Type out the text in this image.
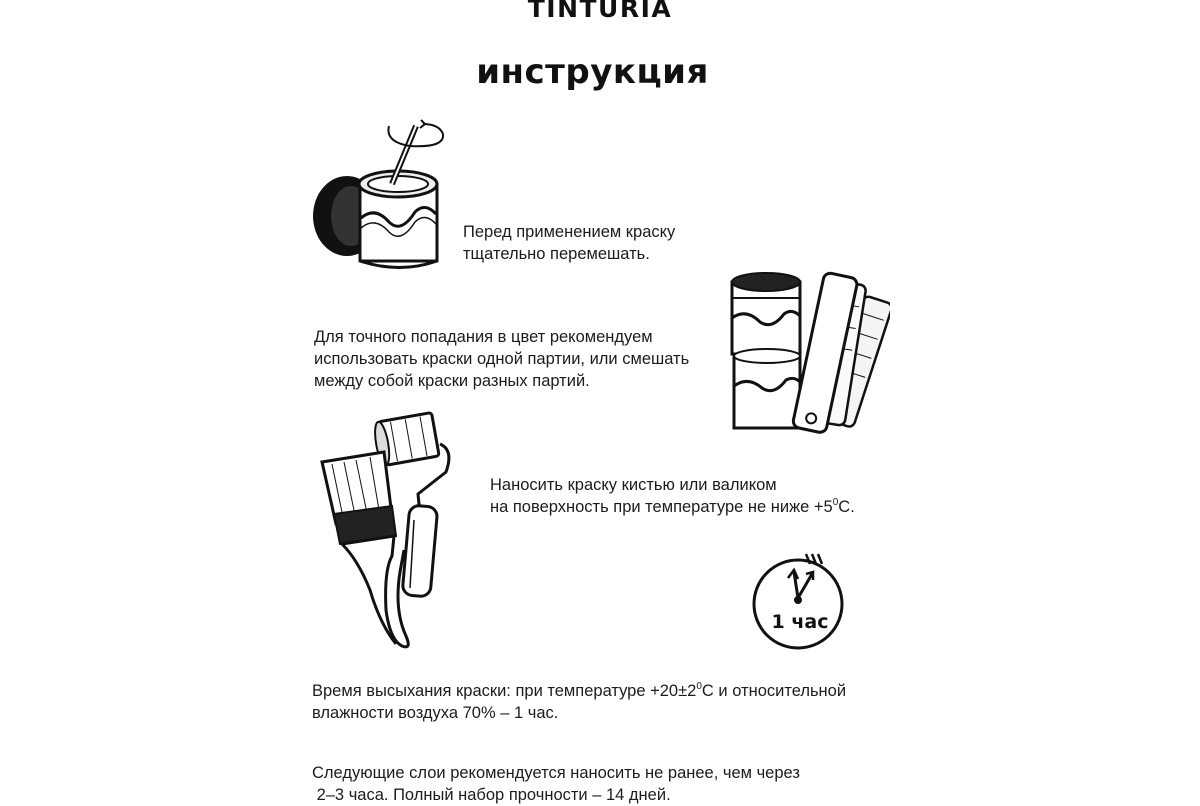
TINTURIA
инструкция
Перед применением краску
тщательно перемешать.
Для точного попадания в цвет рекомендуем
использовать краски одной партии, или смешать
между собой краски разных партий.
Наносить краску кистью или валиком
на поверхность при температуре не ниже $+5^0С$.
1 час
Время высыхания краски: при температуре $+20\pm 2^0С$ и относительной
влажности воздуха 70% – 1 час.
Следующие слои рекомендуется наносить не ранее, чем через
2–3 часа. Полный набор прочности – 14 дней.
